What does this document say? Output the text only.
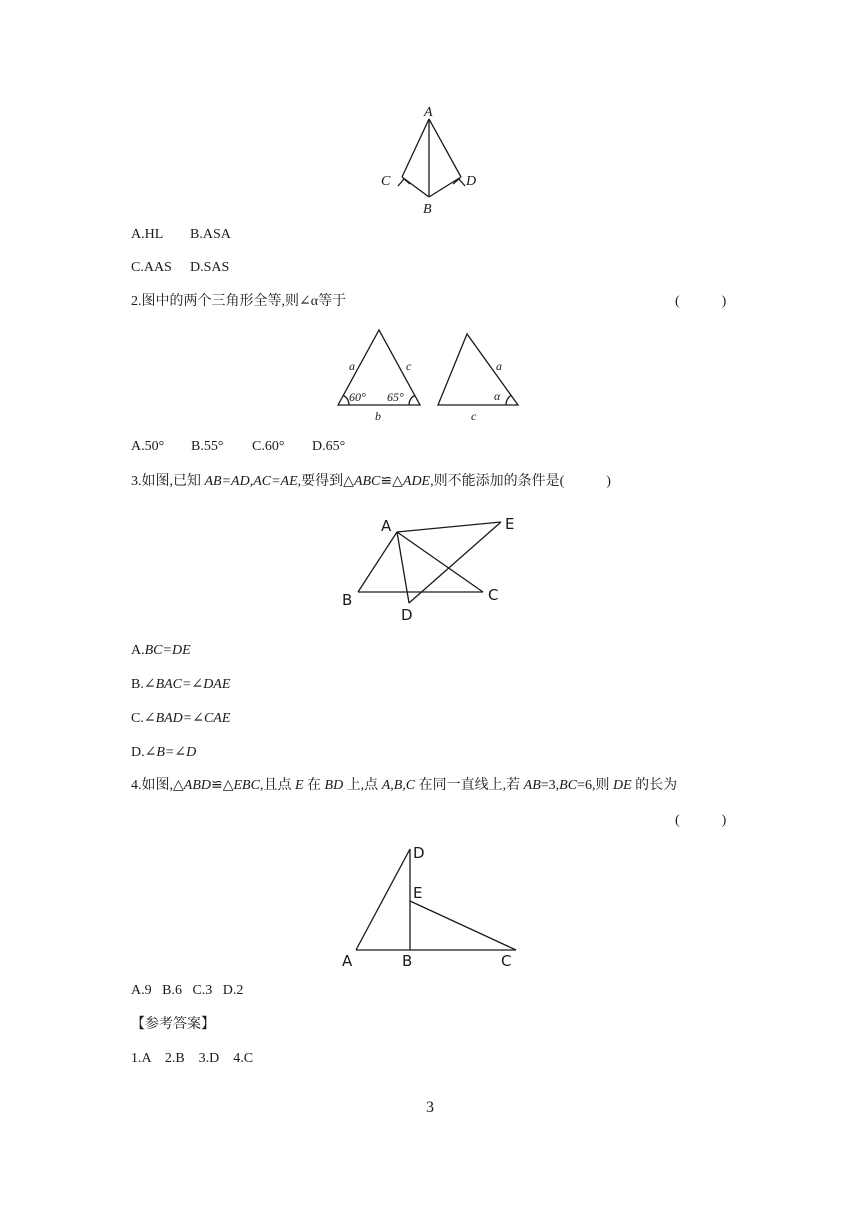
A
C	D
B
A.HL B.ASA
C.AAS D.SAS
2.图中的两个三角形全等,则∠α等于	(            )
a	c
60° 65°
b
a
α
c
A.50° B.55° C.60° D.65°
3.如图,已知 AB=AD,AC=AE,要得到△ABC≌△ADE,则不能添加的条件是(            )
A	E
B	C
D
A.BC=DE
B.∠BAC=∠DAE
C.∠BAD=∠CAE
D.∠B=∠D
4.如图,△ABD≌△EBC,且点 E 在 BD 上,点 A,B,C 在同一直线上,若 AB=3,BC=6,则 DE 的长为
(            )
D
E
A	B	C
A.9   B.6   C.3   D.2
【参考答案】
1.A    2.B    3.D    4.C
3
